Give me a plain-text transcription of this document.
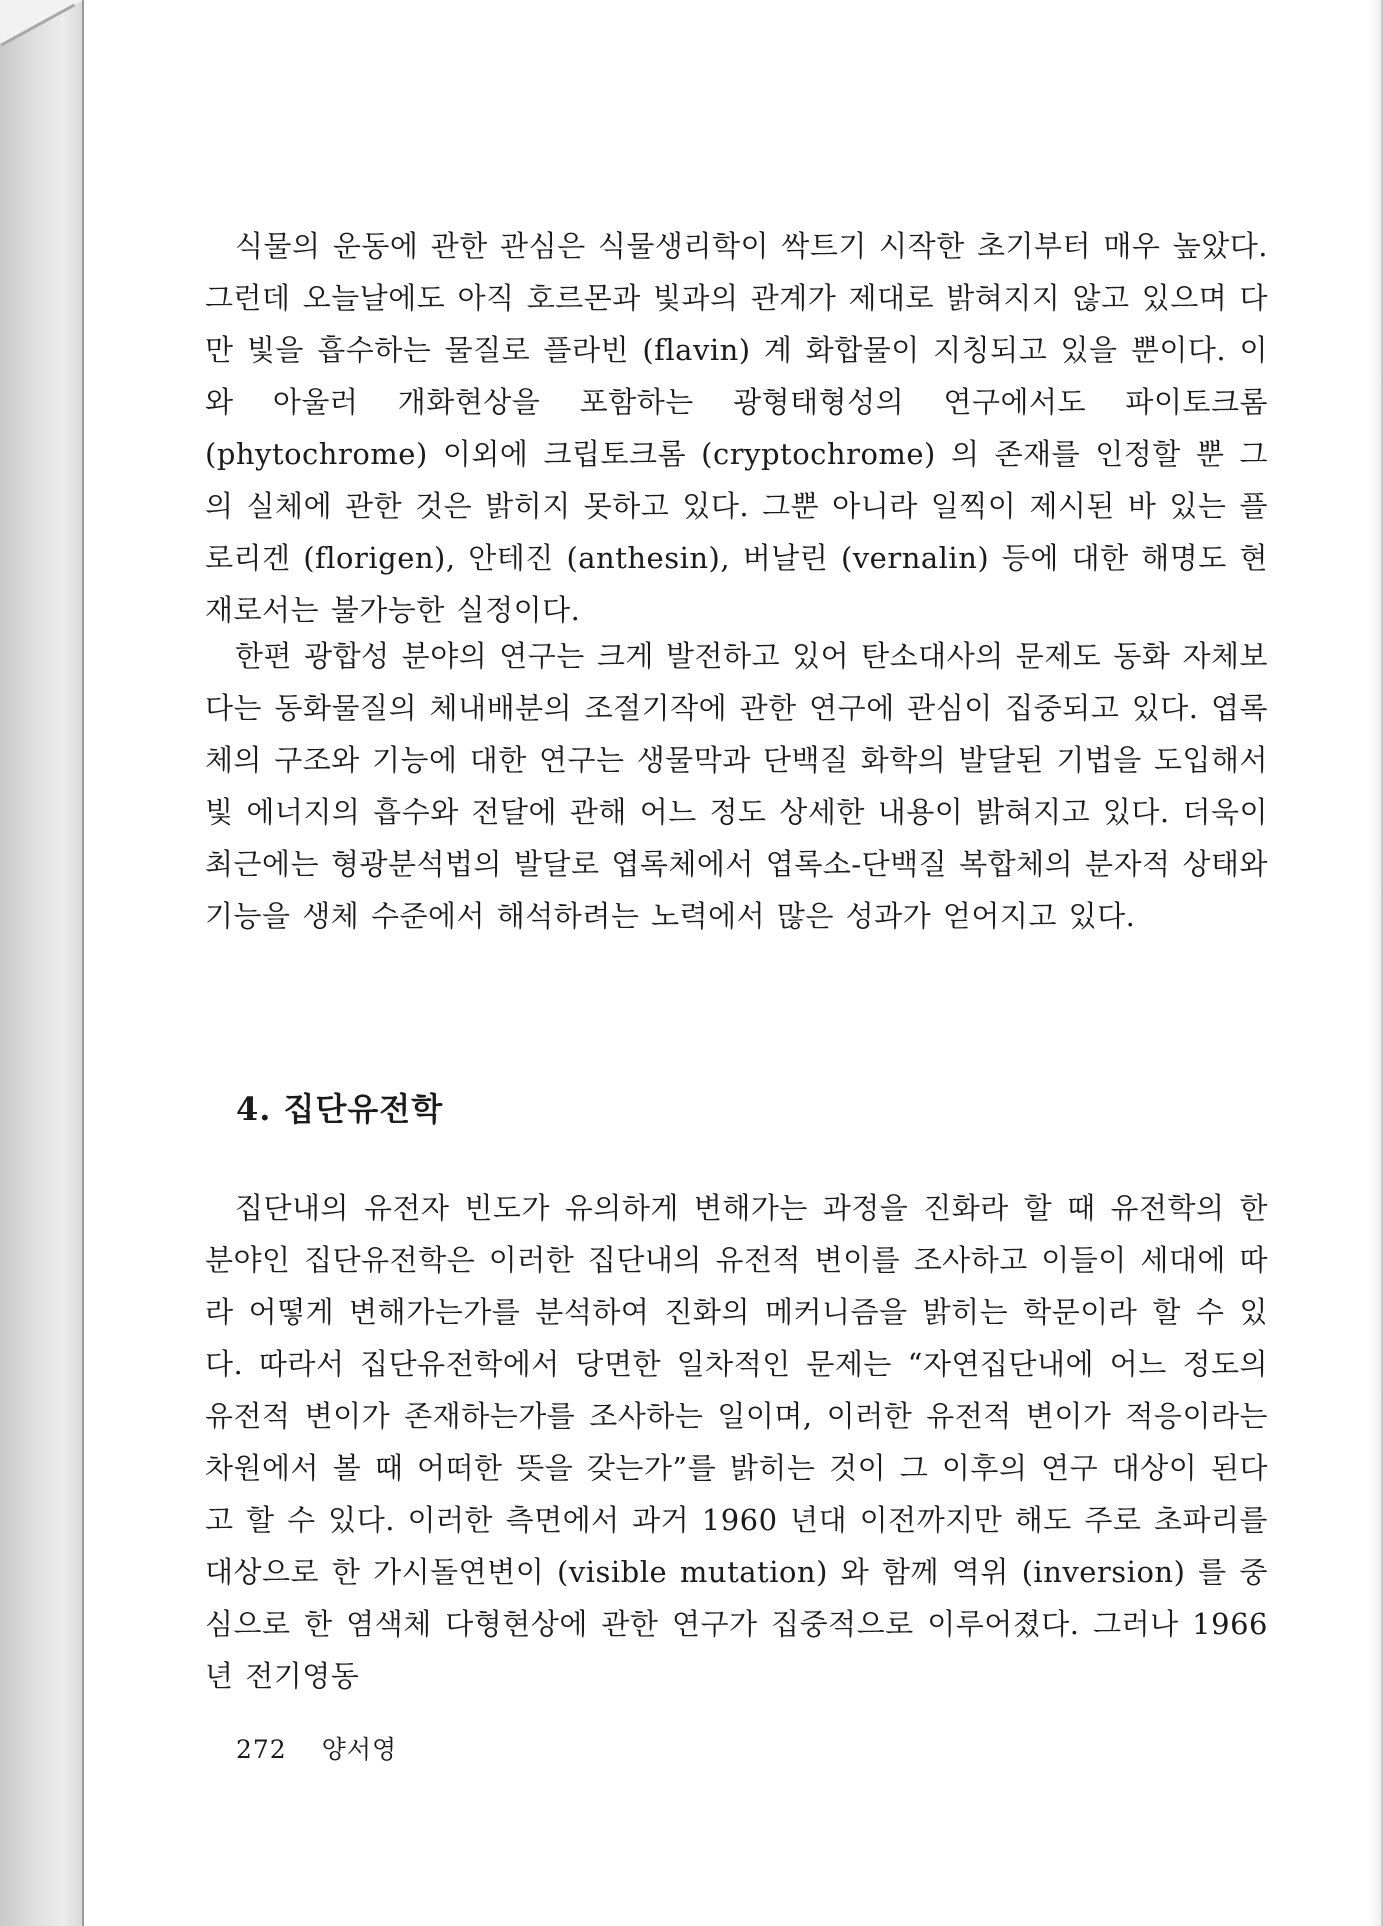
식물의 운동에 관한 관심은 식물생리학이 싹트기 시작한 초기부터 매우 높았다. 그런데 오늘날에도 아직 호르몬과 빛과의 관계가 제대로 밝혀지지 않고 있으며 다만 빛을 흡수하는 물질로 플라빈 (flavin) 계 화합물이 지칭되고 있을 뿐이다. 이와 아울러 개화현상을 포함하는 광형태형성의 연구에서도 파이토크롬 (phytochrome) 이외에 크립토크롬 (cryptochrome) 의 존재를 인정할 뿐 그의 실체에 관한 것은 밝히지 못하고 있다. 그뿐 아니라 일찍이 제시된 바 있는 플로리겐 (florigen), 안테진 (anthesin), 버날린 (vernalin) 등에 대한 해명도 현재로서는 불가능한 실정이다.

한편 광합성 분야의 연구는 크게 발전하고 있어 탄소대사의 문제도 동화 자체보다는 동화물질의 체내배분의 조절기작에 관한 연구에 관심이 집중되고 있다. 엽록체의 구조와 기능에 대한 연구는 생물막과 단백질 화학의 발달된 기법을 도입해서 빛 에너지의 흡수와 전달에 관해 어느 정도 상세한 내용이 밝혀지고 있다. 더욱이 최근에는 형광분석법의 발달로 엽록체에서 엽록소-단백질 복합체의 분자적 상태와 기능을 생체 수준에서 해석하려는 노력에서 많은 성과가 얻어지고 있다.

4. 집단유전학

집단내의 유전자 빈도가 유의하게 변해가는 과정을 진화라 할 때 유전학의 한 분야인 집단유전학은 이러한 집단내의 유전적 변이를 조사하고 이들이 세대에 따라 어떻게 변해가는가를 분석하여 진화의 메커니즘을 밝히는 학문이라 할 수 있다. 따라서 집단유전학에서 당면한 일차적인 문제는 “자연집단내에 어느 정도의 유전적 변이가 존재하는가를 조사하는 일이며, 이러한 유전적 변이가 적응이라는 차원에서 볼 때 어떠한 뜻을 갖는가”를 밝히는 것이 그 이후의 연구 대상이 된다고 할 수 있다. 이러한 측면에서 과거 1960 년대 이전까지만 해도 주로 초파리를 대상으로 한 가시돌연변이 (visible mutation) 와 함께 역위 (inversion) 를 중심으로 한 염색체 다형현상에 관한 연구가 집중적으로 이루어졌다. 그러나 1966 년 전기영동

272 양서영
